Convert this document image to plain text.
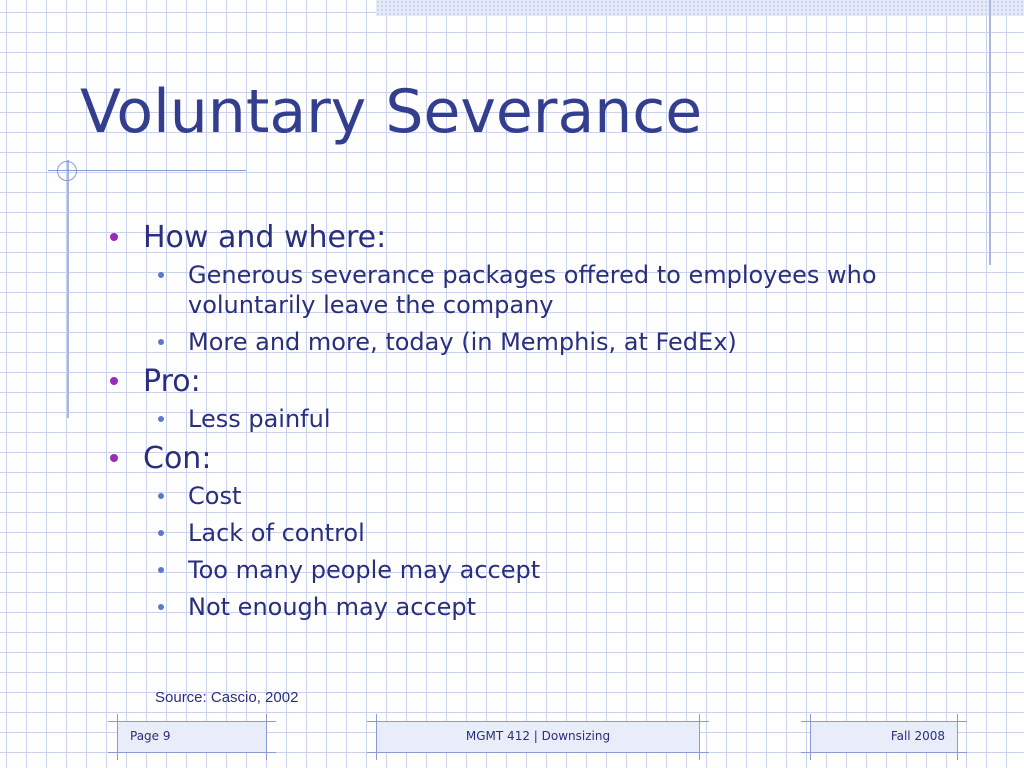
Voluntary Severance
How and where:
Generous severance packages offered to employees who voluntarily leave the company
More and more, today (in Memphis, at FedEx)
Pro:
Less painful
Con:
Cost
Lack of control
Too many people may accept
Not enough may accept
Source: Cascio, 2002
Page 9	MGMT 412 | Downsizing	Fall 2008
